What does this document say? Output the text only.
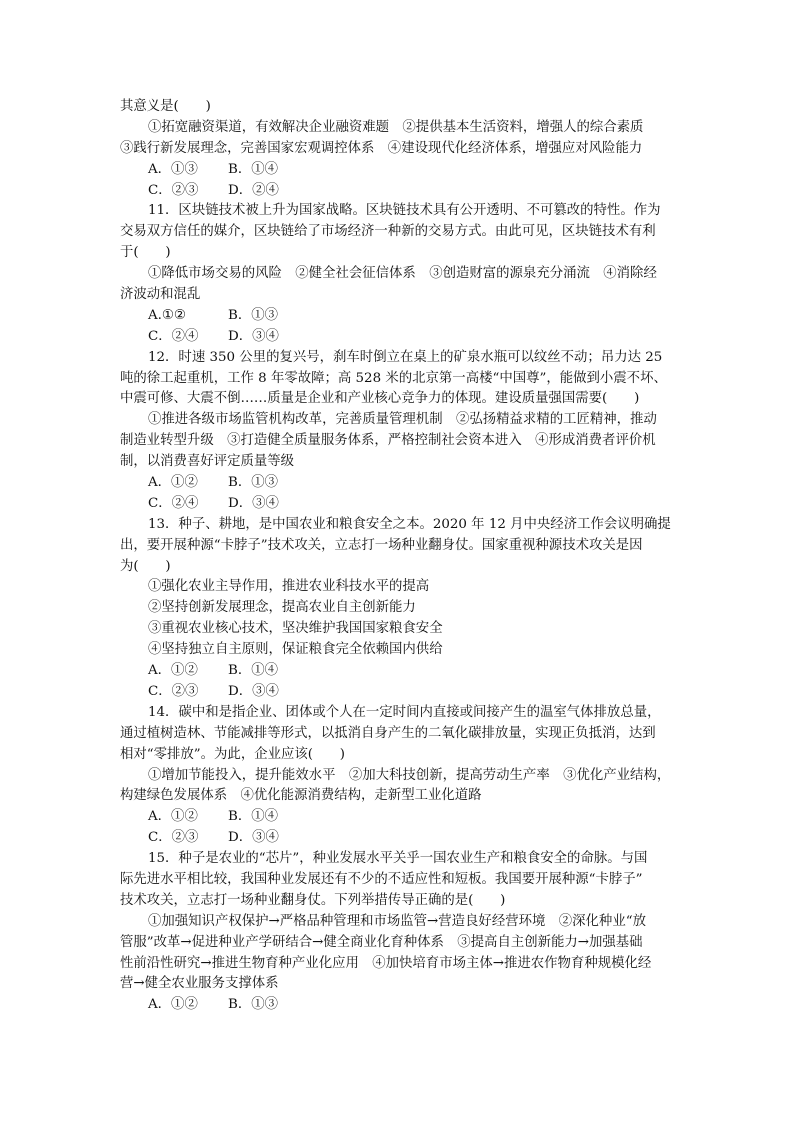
其意义是(　　)
①拓宽融资渠道，有效解决企业融资难题　②提供基本生活资料，增强人的综合素质
③践行新发展理念，完善国家宏观调控体系　④建设现代化经济体系，增强应对风险能力
A．①③ B．①④
C．②③ D．②④
11．区块链技术被上升为国家战略。区块链技术具有公开透明、不可篡改的特性。作为
交易双方信任的媒介，区块链给了市场经济一种新的交易方式。由此可见，区块链技术有利
于(　　)
①降低市场交易的风险　②健全社会征信体系　③创造财富的源泉充分涌流　④消除经
济波动和混乱
A.①②	B．①③
C．②④ D．③④
12．时速 350 公里的复兴号，刹车时倒立在桌上的矿泉水瓶可以纹丝不动；吊力达 25
吨的徐工起重机，工作 8 年零故障；高 528 米的北京第一高楼“中国尊”，能做到小震不坏、
中震可修、大震不倒……质量是企业和产业核心竞争力的体现。建设质量强国需要(　　)
①推进各级市场监管机构改革，完善质量管理机制　②弘扬精益求精的工匠精神，推动
制造业转型升级　③打造健全质量服务体系，严格控制社会资本进入　④形成消费者评价机
制，以消费喜好评定质量等级
A．①② B．①③
C．②④ D．③④
13．种子、耕地，是中国农业和粮食安全之本。2020 年 12 月中央经济工作会议明确提
出，要开展种源“卡脖子”技术攻关，立志打一场种业翻身仗。国家重视种源技术攻关是因
为(　　)
①强化农业主导作用，推进农业科技水平的提高
②坚持创新发展理念，提高农业自主创新能力
③重视农业核心技术，坚决维护我国国家粮食安全
④坚持独立自主原则，保证粮食完全依赖国内供给
A．①② B．①④
C．②③ D．③④
14．碳中和是指企业、团体或个人在一定时间内直接或间接产生的温室气体排放总量，
通过植树造林、节能减排等形式，以抵消自身产生的二氧化碳排放量，实现正负抵消，达到
相对“零排放”。为此，企业应该(　　)
①增加节能投入，提升能效水平　②加大科技创新，提高劳动生产率　③优化产业结构，
构建绿色发展体系　④优化能源消费结构，走新型工业化道路
A．①② B．①④
C．②③ D．③④
15．种子是农业的“芯片”，种业发展水平关乎一国农业生产和粮食安全的命脉。与国
际先进水平相比较，我国种业发展还有不少的不适应性和短板。我国要开展种源“卡脖子”
技术攻关，立志打一场种业翻身仗。下列举措传导正确的是(　　)
①加强知识产权保护→严格品种管理和市场监管→营造良好经营环境　②深化种业“放
管服”改革→促进种业产学研结合→健全商业化育种体系　③提高自主创新能力→加强基础
性前沿性研究→推进生物育种产业化应用　④加快培育市场主体→推进农作物育种规模化经
营→健全农业服务支撑体系
A．①② B．①③
